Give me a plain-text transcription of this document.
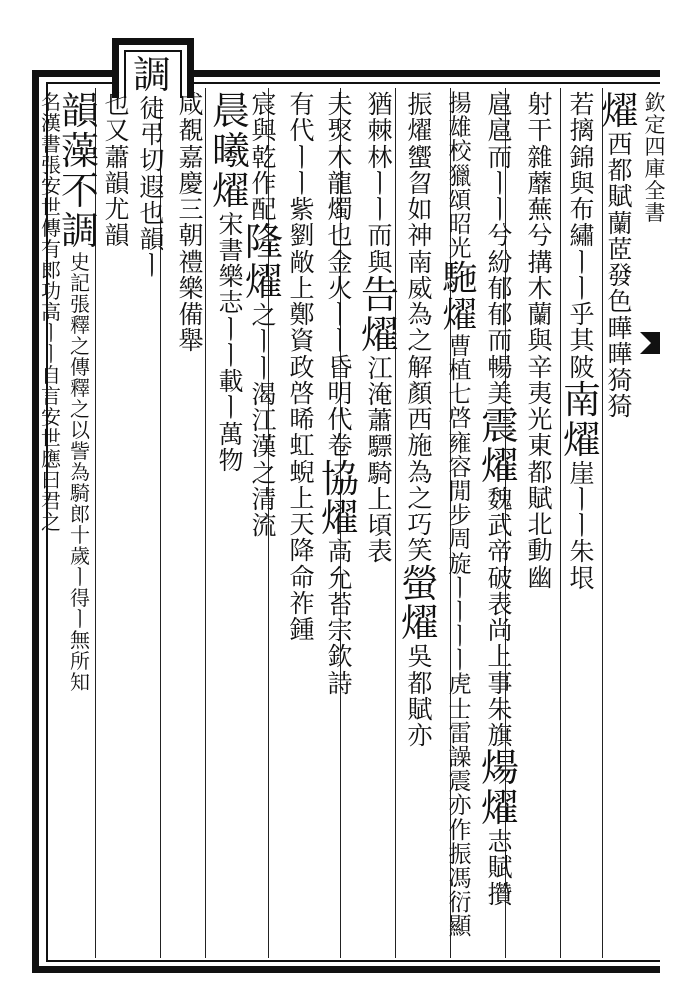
欽
定
四
庫
全
書
燿
西
都
賦
蘭
茝
發
色
曄
曄
猗
猗
若
摛
錦
與
布
繡
ㅣ
ㅣ
乎
其
陂
南
燿
崖
ㅣ
ㅣ
朱
垠
射
干
雜
蘼
蕪
兮
搆
木
蘭
與
辛
夷
光
東
都
賦
北
動
幽
扈
扈
而
ㅣ
ㅣ
兮
紛
郁
郁
而
暢
美
震
燿
魏
武
帝
破
表
尚
上
事
朱
旗
煬
燿
志
賦
攢
揚
雄
校
獵
頌
昭
光
駞
燿
曹
植
七
啓
雍
容
閒
步
周
旋
ㅣ
ㅣ
ㅣ
ㅣ
虎
士
雷
譟
震
亦
作
振
馮
衍
顯
振
燿
蠁
曶
如
神
南
威
為
之
解
顏
西
施
為
之
巧
笑
螢
燿
吳
都
賦
亦
猶
棘
林
ㅣ
ㅣ
而
與
告
燿
江
淹
蕭
驃
騎
上
頃
表
夫
㷅
木
龍
燭
也
金
火
ㅣ
ㅣ
昏
明
代
卷
協
燿
高
允
苔
宗
欽
詩
有
代
ㅣ
ㅣ
紫
劉
敞
上
鄭
資
政
啓
晞
虹
蜺
上
天
降
命
祚
鍾
宸
與
乾
作
配
隆
燿
之
ㅣ
ㅣ
渴
江
漢
之
清
流
晨
曦
燿
宋
書
樂
志
ㅣ
ㅣ
載
ㅣ
萬
物
咸
覩
嘉
慶
三
朝
禮
樂
備
舉
調
徒
弔
切
遐
也
韻
ㅣ
也
又
蕭
韻
尤
韻
韻
藻
不
調
史
記
張
釋
之
傳
釋
之
以
訾
為
騎
郎
十
歲
ㅣ
得
ㅣ
無
所
知
名
漢
書
張
安
世
傳
有
郎
功
高
ㅣ
ㅣ
自
言
安
世
應
曰
君
之
